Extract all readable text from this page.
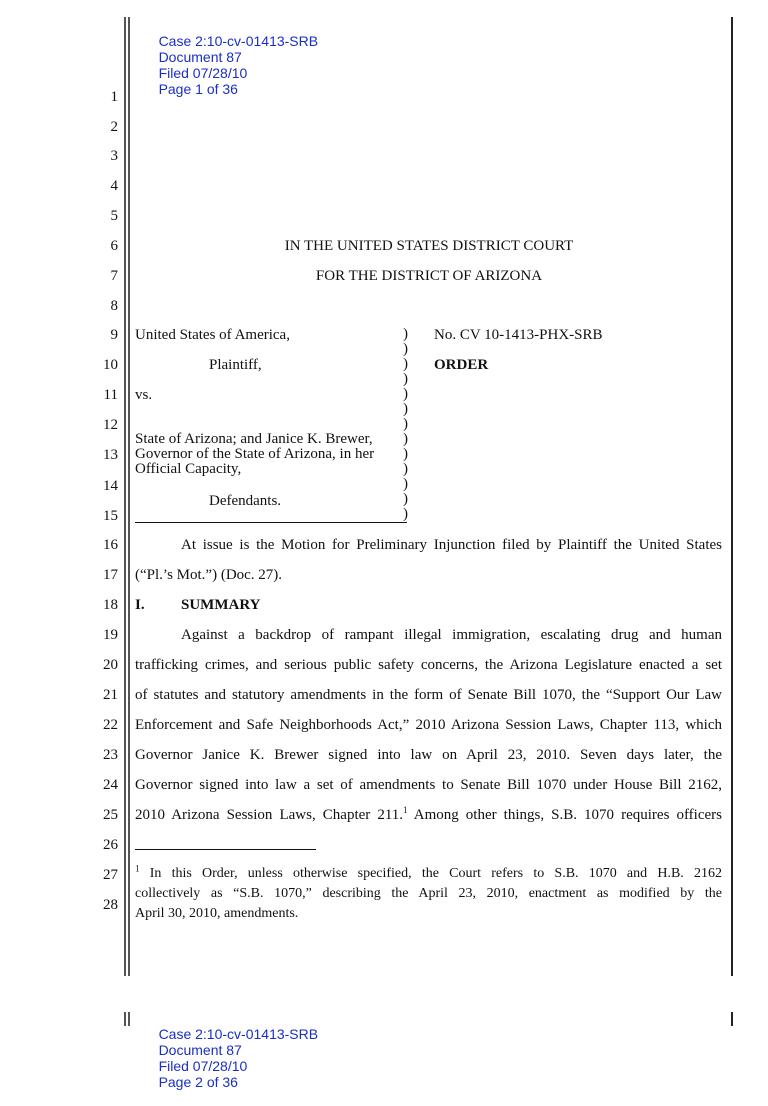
Case 2:10-cv-01413-SRB
Document 87
Filed 07/28/10
Page 1 of 36

1
2
3
4
5
6
7
8
9
10
11
12
13
14
15
16
17
18
19
20
21
22
23
24
25
26
27
28
IN THE UNITED STATES DISTRICT COURT
FOR THE DISTRICT OF ARIZONA
United States of America,
Plaintiff,
vs.
State of Arizona; and Janice K. Brewer,
Governor of the State of Arizona, in her
Official Capacity,
Defendants.
)
)
)
)
)
)
)
)
)
)
)
)
)
No. CV 10-1413-PHX-SRB
ORDER
At issue is the Motion for Preliminary Injunction filed by Plaintiff the United States
(“Pl.’s Mot.”) (Doc. 27).
I. SUMMARY
Against a backdrop of rampant illegal immigration, escalating drug and human
trafficking crimes, and serious public safety concerns, the Arizona Legislature enacted a set
of statutes and statutory amendments in the form of Senate Bill 1070, the “Support Our Law
Enforcement and Safe Neighborhoods Act,” 2010 Arizona Session Laws, Chapter 113, which
Governor Janice K. Brewer signed into law on April 23, 2010. Seven days later, the
Governor signed into law a set of amendments to Senate Bill 1070 under House Bill 2162,
2010 Arizona Session Laws, Chapter 211.$^1$ Among other things, S.B. 1070 requires officers
$^1$ In this Order, unless otherwise specified, the Court refers to S.B. 1070 and H.B. 2162
collectively as “S.B. 1070,” describing the April 23, 2010, enactment as modified by the
April 30, 2010, amendments.

Case 2:10-cv-01413-SRB
Document 87
Filed 07/28/10
Page 2 of 36
